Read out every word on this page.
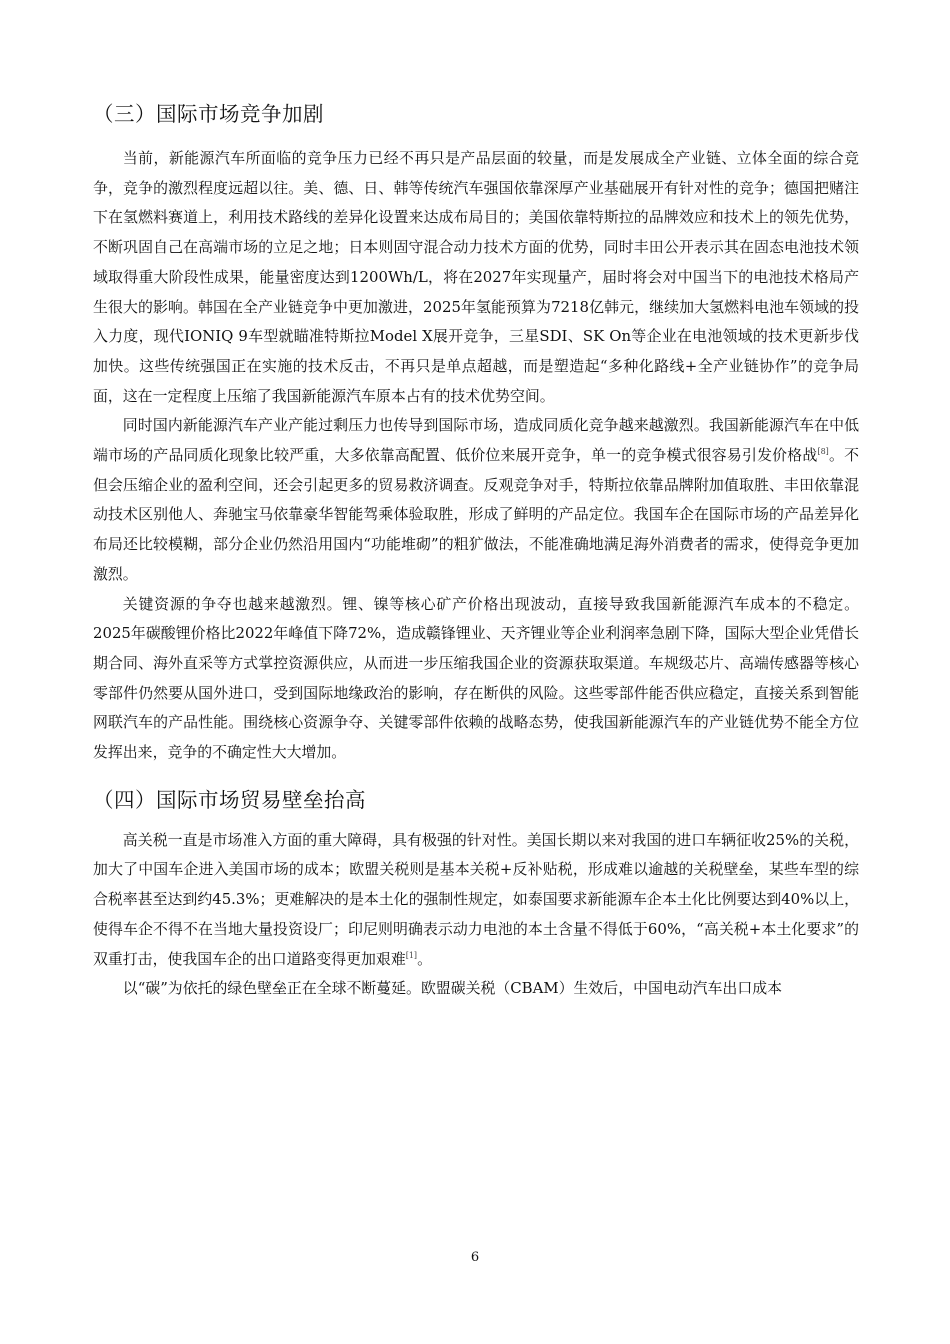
（三）国际市场竞争加剧

当前，新能源汽车所面临的竞争压力已经不再只是产品层面的较量，而是发展成全产业链、立体全面的综合竞争，竞争的激烈程度远超以往。美、德、日、韩等传统汽车强国依靠深厚产业基础展开有针对性的竞争；德国把赌注下在氢燃料赛道上，利用技术路线的差异化设置来达成布局目的；美国依靠特斯拉的品牌效应和技术上的领先优势，不断巩固自己在高端市场的立足之地；日本则固守混合动力技术方面的优势，同时丰田公开表示其在固态电池技术领域取得重大阶段性成果，能量密度达到1200Wh/L，将在2027年实现量产，届时将会对中国当下的电池技术格局产生很大的影响。韩国在全产业链竞争中更加激进，2025年氢能预算为7218亿韩元，继续加大氢燃料电池车领域的投入力度，现代IONIQ 9车型就瞄准特斯拉Model X展开竞争，三星SDI、SK On等企业在电池领域的技术更新步伐加快。这些传统强国正在实施的技术反击，不再只是单点超越，而是塑造起“多种化路线+全产业链协作”的竞争局面，这在一定程度上压缩了我国新能源汽车原本占有的技术优势空间。

同时国内新能源汽车产业产能过剩压力也传导到国际市场，造成同质化竞争越来越激烈。我国新能源汽车在中低端市场的产品同质化现象比较严重，大多依靠高配置、低价位来展开竞争，单一的竞争模式很容易引发价格战[8]。不但会压缩企业的盈利空间，还会引起更多的贸易救济调查。反观竞争对手，特斯拉依靠品牌附加值取胜、丰田依靠混动技术区别他人、奔驰宝马依靠豪华智能驾乘体验取胜，形成了鲜明的产品定位。我国车企在国际市场的产品差异化布局还比较模糊，部分企业仍然沿用国内“功能堆砌”的粗犷做法，不能准确地满足海外消费者的需求，使得竞争更加激烈。

关键资源的争夺也越来越激烈。锂、镍等核心矿产价格出现波动，直接导致我国新能源汽车成本的不稳定。2025年碳酸锂价格比2022年峰值下降72%，造成赣锋锂业、天齐锂业等企业利润率急剧下降，国际大型企业凭借长期合同、海外直采等方式掌控资源供应，从而进一步压缩我国企业的资源获取渠道。车规级芯片、高端传感器等核心零部件仍然要从国外进口，受到国际地缘政治的影响，存在断供的风险。这些零部件能否供应稳定，直接关系到智能网联汽车的产品性能。围绕核心资源争夺、关键零部件依赖的战略态势，使我国新能源汽车的产业链优势不能全方位发挥出来，竞争的不确定性大大增加。

（四）国际市场贸易壁垒抬高

高关税一直是市场准入方面的重大障碍，具有极强的针对性。美国长期以来对我国的进口车辆征收25%的关税，加大了中国车企进入美国市场的成本；欧盟关税则是基本关税+反补贴税，形成难以逾越的关税壁垒，某些车型的综合税率甚至达到约45.3%；更难解决的是本土化的强制性规定，如泰国要求新能源车企本土化比例要达到40%以上，使得车企不得不在当地大量投资设厂；印尼则明确表示动力电池的本土含量不得低于60%，“高关税+本土化要求”的双重打击，使我国车企的出口道路变得更加艰难[1]。

以“碳”为依托的绿色壁垒正在全球不断蔓延。欧盟碳关税（CBAM）生效后，中国电动汽车出口成本

6
